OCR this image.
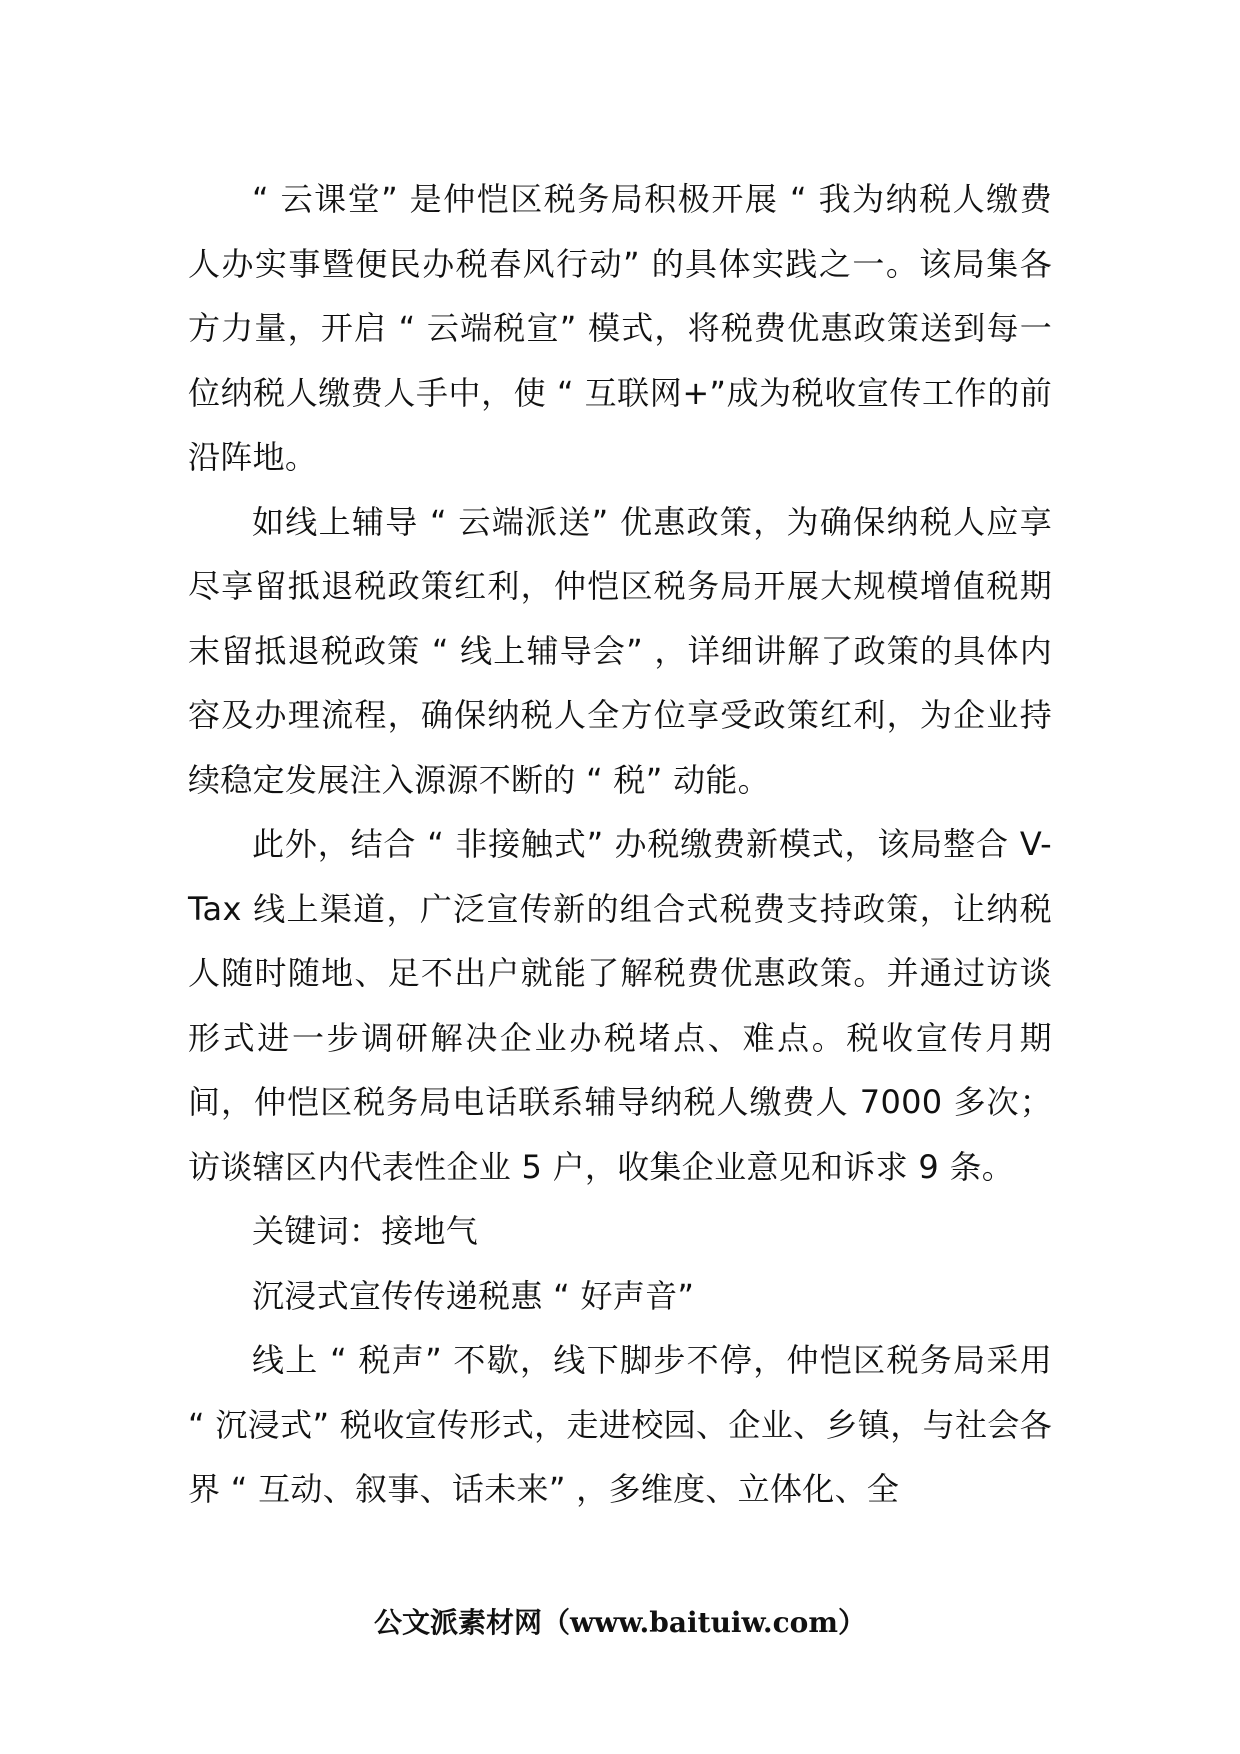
“ 云课堂” 是仲恺区税务局积极开展 “ 我为纳税人缴费人办实事暨便民办税春风行动” 的具体实践之一。该局集各方力量，开启 “ 云端税宣” 模式，将税费优惠政策送到每一位纳税人缴费人手中，使 “ 互联网+”成为税收宣传工作的前沿阵地。

如线上辅导 “ 云端派送” 优惠政策，为确保纳税人应享尽享留抵退税政策红利，仲恺区税务局开展大规模增值税期末留抵退税政策 “ 线上辅导会” ，详细讲解了政策的具体内容及办理流程，确保纳税人全方位享受政策红利，为企业持续稳定发展注入源源不断的 “ 税” 动能。

此外，结合 “ 非接触式” 办税缴费新模式，该局整合 V-Tax 线上渠道，广泛宣传新的组合式税费支持政策，让纳税人随时随地、足不出户就能了解税费优惠政策。并通过访谈形式进一步调研解决企业办税堵点、难点。税收宣传月期间，仲恺区税务局电话联系辅导纳税人缴费人 7000 多次；访谈辖区内代表性企业 5 户，收集企业意见和诉求 9 条。

关键词：接地气

沉浸式宣传传递税惠 “ 好声音”

线上 “ 税声” 不歇，线下脚步不停，仲恺区税务局采用 “ 沉浸式” 税收宣传形式，走进校园、企业、乡镇，与社会各界 “ 互动、叙事、话未来” ，多维度、立体化、全

公文派素材网（www.baituiw.com）
